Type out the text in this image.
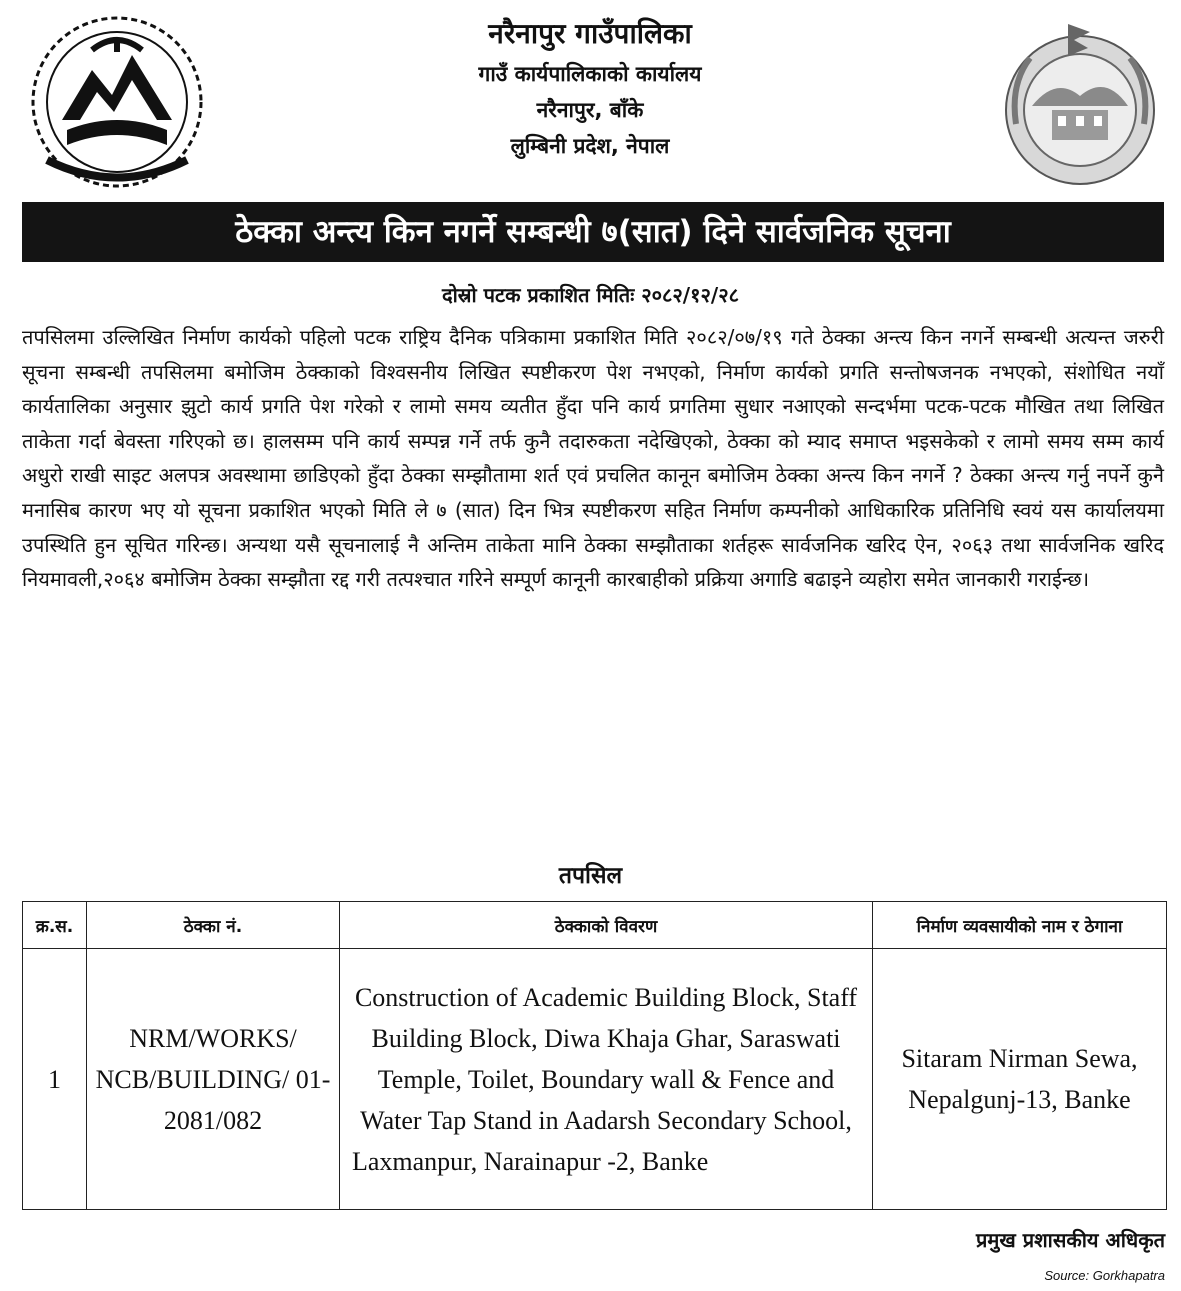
नरैनापुर गाउँपालिका
गाउँ कार्यपालिकाको कार्यालय
नरैनापुर, बाँके
लुम्बिनी प्रदेश, नेपाल
ठेक्का अन्त्य किन नगर्ने सम्बन्धी ७(सात) दिने सार्वजनिक सूचना
दोस्रो पटक प्रकाशित मितिः २०८२/१२/२८
तपसिलमा उल्लिखित निर्माण कार्यको पहिलो पटक राष्ट्रिय दैनिक पत्रिकामा प्रकाशित मिति २०८२/०७/१९ गते ठेक्का अन्त्य किन नगर्ने सम्बन्धी अत्यन्त जरुरी सूचना सम्बन्धी तपसिलमा बमोजिम ठेक्काको विश्वसनीय लिखित स्पष्टीकरण पेश नभएको, निर्माण कार्यको प्रगति सन्तोषजनक नभएको, संशोधित नयाँ कार्यतालिका अनुसार झुटो कार्य प्रगति पेश गरेको र लामो समय व्यतीत हुँदा पनि कार्य प्रगतिमा सुधार नआएको सन्दर्भमा पटक-पटक मौखित तथा लिखित ताकेता गर्दा बेवस्ता गरिएको छ। हालसम्म पनि कार्य सम्पन्न गर्ने तर्फ कुनै तदारुकता नदेखिएको, ठेक्का को म्याद समाप्त भइसकेको र लामो समय सम्म कार्य अधुरो राखी साइट अलपत्र अवस्थामा छाडिएको हुँदा ठेक्का सम्झौतामा शर्त एवं प्रचलित कानून बमोजिम ठेक्का अन्त्य किन नगर्ने ? ठेक्का अन्त्य गर्नु नपर्ने कुनै मनासिब कारण भए यो सूचना प्रकाशित भएको मिति ले ७ (सात) दिन भित्र स्पष्टीकरण सहित निर्माण कम्पनीको आधिकारिक प्रतिनिधि स्वयं यस कार्यालयमा उपस्थिति हुन सूचित गरिन्छ। अन्यथा यसै सूचनालाई नै अन्तिम ताकेता मानि ठेक्का सम्झौताका शर्तहरू सार्वजनिक खरिद ऐन, २०६३ तथा सार्वजनिक खरिद नियमावली,२०६४ बमोजिम ठेक्का सम्झौता रद्द गरी तत्पश्चात गरिने सम्पूर्ण कानूनी कारबाहीको प्रक्रिया अगाडि बढाइने व्यहोरा समेत जानकारी गराईन्छ।
तपसिल
क्र.स.	ठेक्का नं.	ठेक्काको विवरण	निर्माण व्यवसायीको नाम र ठेगाना
1	NRM/WORKS/ NCB/BUILDING/ 01-2081/082	Construction of Academic Building Block, Staff Building Block, Diwa Khaja Ghar, Saraswati Temple, Toilet, Boundary wall & Fence and Water Tap Stand in Aadarsh Secondary School, Laxmanpur, Narainapur -2, Banke	Sitaram Nirman Sewa, Nepalgunj-13, Banke
प्रमुख प्रशासकीय अधिकृत
Source: Gorkhapatra
